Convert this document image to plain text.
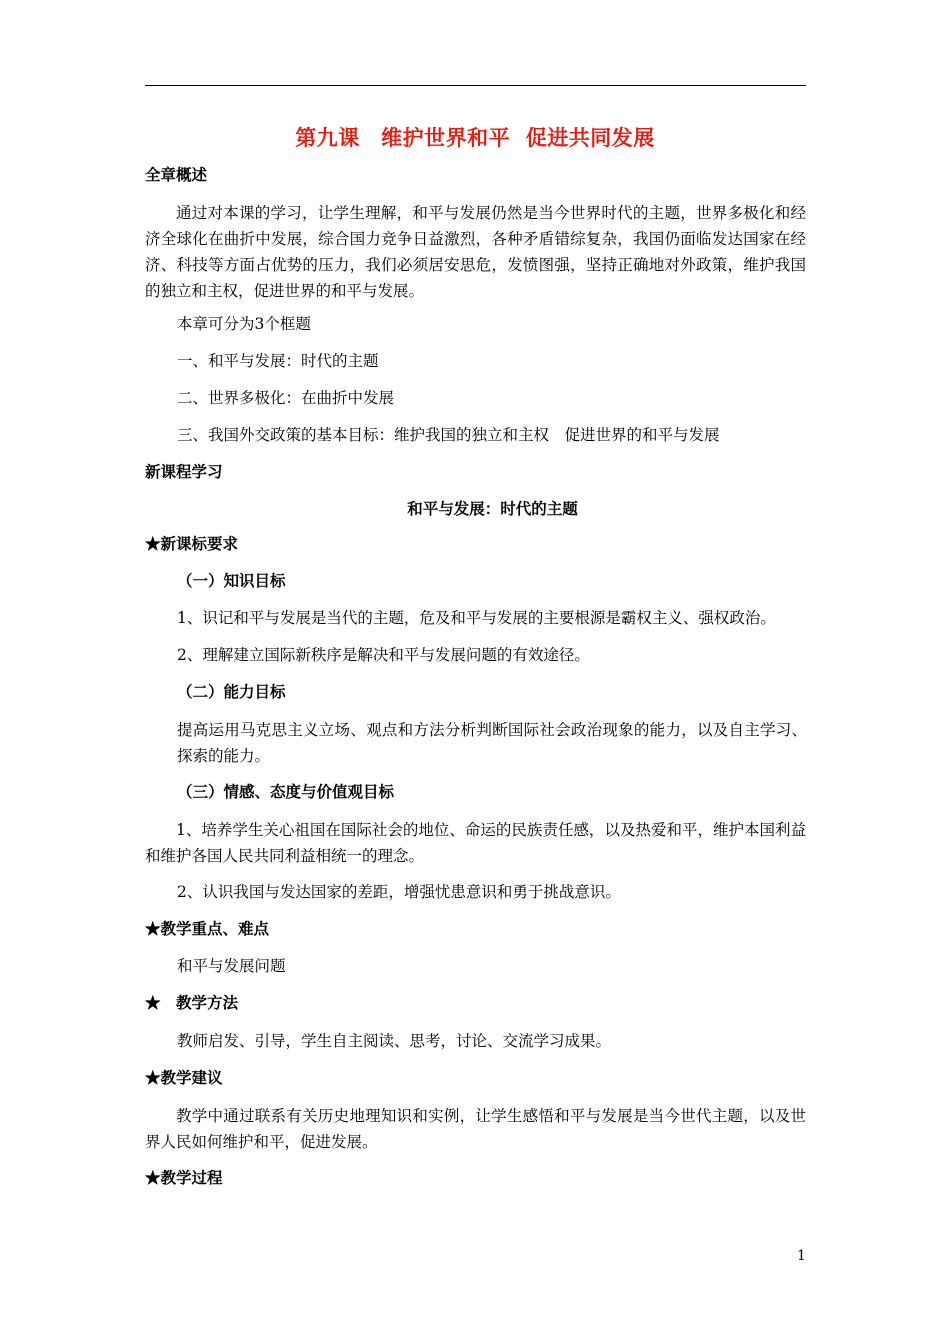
第九课　维护世界和平  促进共同发展
全章概述
通过对本课的学习，让学生理解，和平与发展仍然是当今世界时代的主题，世界多极化和经济全球化在曲折中发展，综合国力竞争日益激烈，各种矛盾错综复杂，我国仍面临发达国家在经济、科技等方面占优势的压力，我们必须居安思危，发愤图强，坚持正确地对外政策，维护我国的独立和主权，促进世界的和平与发展。
本章可分为3个框题
一、和平与发展：时代的主题
二、世界多极化：在曲折中发展
三、我国外交政策的基本目标：维护我国的独立和主权　促进世界的和平与发展
新课程学习
和平与发展：时代的主题
★新课标要求
（一）知识目标
1、识记和平与发展是当代的主题，危及和平与发展的主要根源是霸权主义、强权政治。
2、理解建立国际新秩序是解决和平与发展问题的有效途径。
（二）能力目标
提高运用马克思主义立场、观点和方法分析判断国际社会政治现象的能力，以及自主学习、探索的能力。
（三）情感、态度与价值观目标
1、培养学生关心祖国在国际社会的地位、命运的民族责任感，以及热爱和平，维护本国利益和维护各国人民共同利益相统一的理念。
2、认识我国与发达国家的差距，增强忧患意识和勇于挑战意识。
★教学重点、难点
和平与发展问题
★　教学方法
教师启发、引导，学生自主阅读、思考，讨论、交流学习成果。
★教学建议
教学中通过联系有关历史地理知识和实例，让学生感悟和平与发展是当今世代主题，以及世界人民如何维护和平，促进发展。
★教学过程
1
